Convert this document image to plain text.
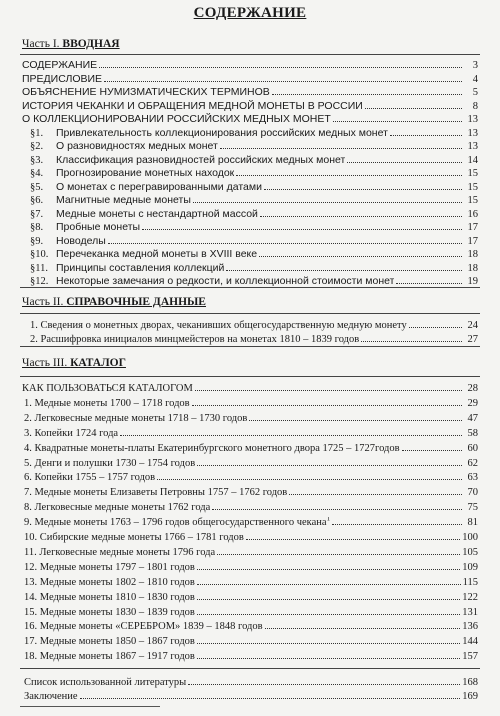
СОДЕРЖАНИЕ
Часть I. ВВОДНАЯ
СОДЕРЖАНИЕ	3
ПРЕДИСЛОВИЕ	4
ОБЪЯСНЕНИЕ НУМИЗМАТИЧЕСКИХ ТЕРМИНОВ	5
ИСТОРИЯ ЧЕКАНКИ И ОБРАЩЕНИЯ МЕДНОЙ МОНЕТЫ В РОССИИ	8
О КОЛЛЕКЦИОНИРОВАНИИ РОССИЙСКИХ МЕДНЫХ МОНЕТ	13
§1. Привлекательность коллекционирования российских медных монет	13
§2. О разновидностях медных монет	13
§3. Классификация разновидностей российских медных монет	14
§4. Прогнозирование монетных находок	15
§5. О монетах с перегравированными датами	15
§6. Магнитные медные монеты	15
§7. Медные монеты с нестандартной массой	16
§8. Пробные монеты	17
§9. Новоделы	17
§10. Перечеканка медной монеты в XVIII веке	18
§11. Принципы составления коллекций	18
§12. Некоторые замечания о редкости, и коллекционной стоимости монет	19
Часть II. СПРАВОЧНЫЕ ДАННЫЕ
1. Сведения о монетных дворах, чеканивших общегосударственную медную монету	24
2. Расшифровка инициалов минцмейстеров на монетах 1810 – 1839 годов	27
Часть III. КАТАЛОГ
КАК ПОЛЬЗОВАТЬСЯ КАТАЛОГОМ	28
1. Медные монеты 1700 – 1718 годов	29
2. Легковесные медные монеты 1718 – 1730 годов	47
3. Копейки 1724 года	58
4. Квадратные монеты-платы Екатеринбургского монетного двора 1725 – 1727годов	60
5. Денги и полушки 1730 – 1754 годов	62
6. Копейки 1755 – 1757 годов	63
7. Медные монеты Елизаветы Петровны 1757 – 1762 годов	70
8. Легковесные медные монеты 1762 года	75
9. Медные монеты 1763 – 1796 годов общегосударственного чекана$^1$	81
10. Сибирские медные монеты 1766 – 1781 годов	100
11. Легковесные медные монеты 1796 года	105
12. Медные монеты 1797 – 1801 годов	109
13. Медные монеты 1802 – 1810 годов	115
14. Медные монеты 1810 – 1830 годов	122
15. Медные монеты 1830 – 1839 годов	131
16. Медные монеты «СЕРЕБРОМ» 1839 – 1848 годов	136
17. Медные монеты 1850 – 1867 годов	144
18. Медные монеты 1867 – 1917 годов	157
Список использованной литературы	168
Заключение	169
